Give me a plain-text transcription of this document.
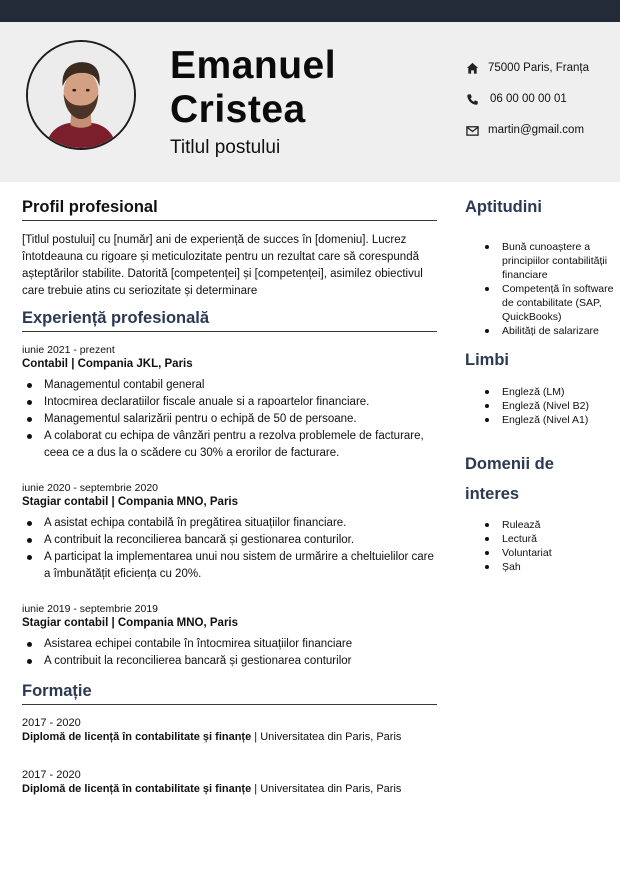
Emanuel
Cristea
Titlul postului
75000 Paris, Franța
06 00 00 00 01
martin@gmail.com
Profil profesional
[Titlul postului] cu [număr] ani de experiență de succes în [domeniu]. Lucrez întotdeauna cu rigoare și meticulozitate pentru un rezultat care să corespundă așteptărilor stabilite. Datorită [competenței] și [competenței], asimilez obiectivul care trebuie atins cu seriozitate și determinare
Experiență profesională
iunie 2021 - prezent
Contabil | Compania JKL, Paris
Managementul contabil general
Intocmirea declaratiilor fiscale anuale si a rapoartelor financiare.
Managementul salarizării pentru o echipă de 50 de persoane.
A colaborat cu echipa de vânzări pentru a rezolva problemele de facturare, ceea ce a dus la o scădere cu 30% a erorilor de facturare.
iunie 2020 - septembrie 2020
Stagiar contabil | Compania MNO, Paris
A asistat echipa contabilă în pregătirea situațiilor financiare.
A contribuit la reconcilierea bancară și gestionarea conturilor.
A participat la implementarea unui nou sistem de urmărire a cheltuielilor care a îmbunătățit eficiența cu 20%.
iunie 2019 - septembrie 2019
Stagiar contabil | Compania MNO, Paris
Asistarea echipei contabile în întocmirea situațiilor financiare
A contribuit la reconcilierea bancară și gestionarea conturilor
Formație
2017 - 2020
Diplomă de licență în contabilitate și finanțe | Universitatea din Paris, Paris
2017 - 2020
Diplomă de licență în contabilitate și finanțe | Universitatea din Paris, Paris
Aptitudini
Bună cunoaștere a principiilor contabilității financiare
Competență în software de contabilitate (SAP, QuickBooks)
Abilități de salarizare
Limbi
Engleză (LM)
Engleză (Nivel B2)
Engleză (Nivel A1)
Domenii de
interes
Rulează
Lectură
Voluntariat
Șah
